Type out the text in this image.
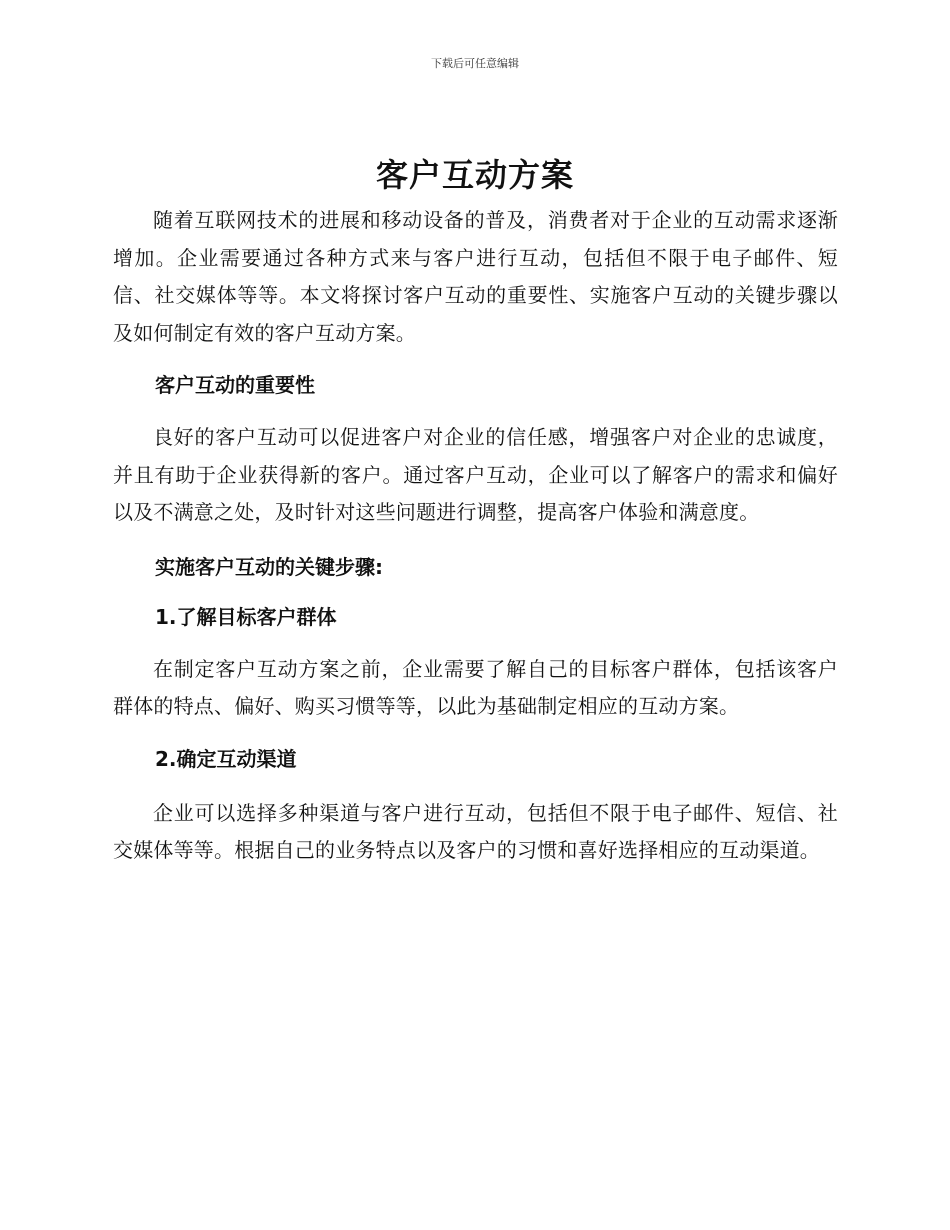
下载后可任意编辑
客户互动方案

随着互联网技术的进展和移动设备的普及，消费者对于企业的互动需求逐渐增加。企业需要通过各种方式来与客户进行互动，包括但不限于电子邮件、短信、社交媒体等等。本文将探讨客户互动的重要性、实施客户互动的关键步骤以及如何制定有效的客户互动方案。

客户互动的重要性

良好的客户互动可以促进客户对企业的信任感，增强客户对企业的忠诚度，并且有助于企业获得新的客户。通过客户互动，企业可以了解客户的需求和偏好以及不满意之处，及时针对这些问题进行调整，提高客户体验和满意度。

实施客户互动的关键步骤:
1.了解目标客户群体

在制定客户互动方案之前，企业需要了解自己的目标客户群体，包括该客户群体的特点、偏好、购买习惯等等，以此为基础制定相应的互动方案。

2.确定互动渠道

企业可以选择多种渠道与客户进行互动，包括但不限于电子邮件、短信、社交媒体等等。根据自己的业务特点以及客户的习惯和喜好选择相应的互动渠道。
